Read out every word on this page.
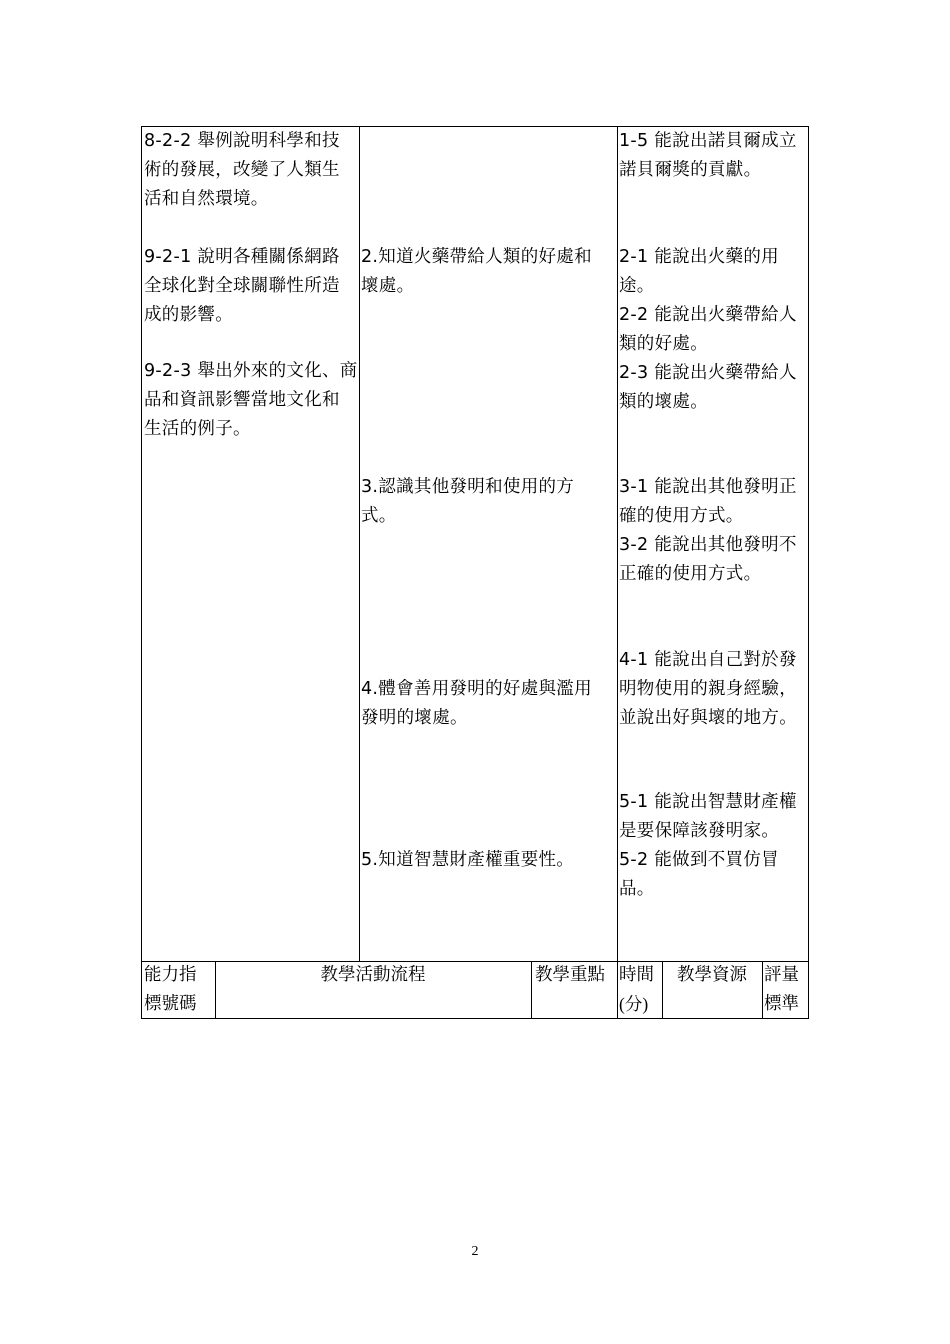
8-2-2 舉例說明科學和技

術的發展，改變了人類生

活和自然環境。

9-2-1 說明各種關係網路

全球化對全球關聯性所造

成的影響。

9-2-3 舉出外來的文化、商

品和資訊影響當地文化和

生活的例子。

2.知道火藥帶給人類的好處和

壞處。

3.認識其他發明和使用的方

式。

4.體會善用發明的好處與濫用

發明的壞處。

5.知道智慧財產權重要性。

1-5 能說出諾貝爾成立

諾貝爾獎的貢獻。

2-1 能說出火藥的用

途。

2-2 能說出火藥帶給人

類的好處。

2-3 能說出火藥帶給人

類的壞處。

3-1 能說出其他發明正

確的使用方式。

3-2 能說出其他發明不

正確的使用方式。

4-1 能說出自己對於發

明物使用的親身經驗，

並說出好與壞的地方。

5-1 能說出智慧財產權

是要保障該發明家。

5-2 能做到不買仿冒

品。

能力指
標號碼
教學活動流程	教學重點 時間
(分)
教學資源 評量
標準
2
